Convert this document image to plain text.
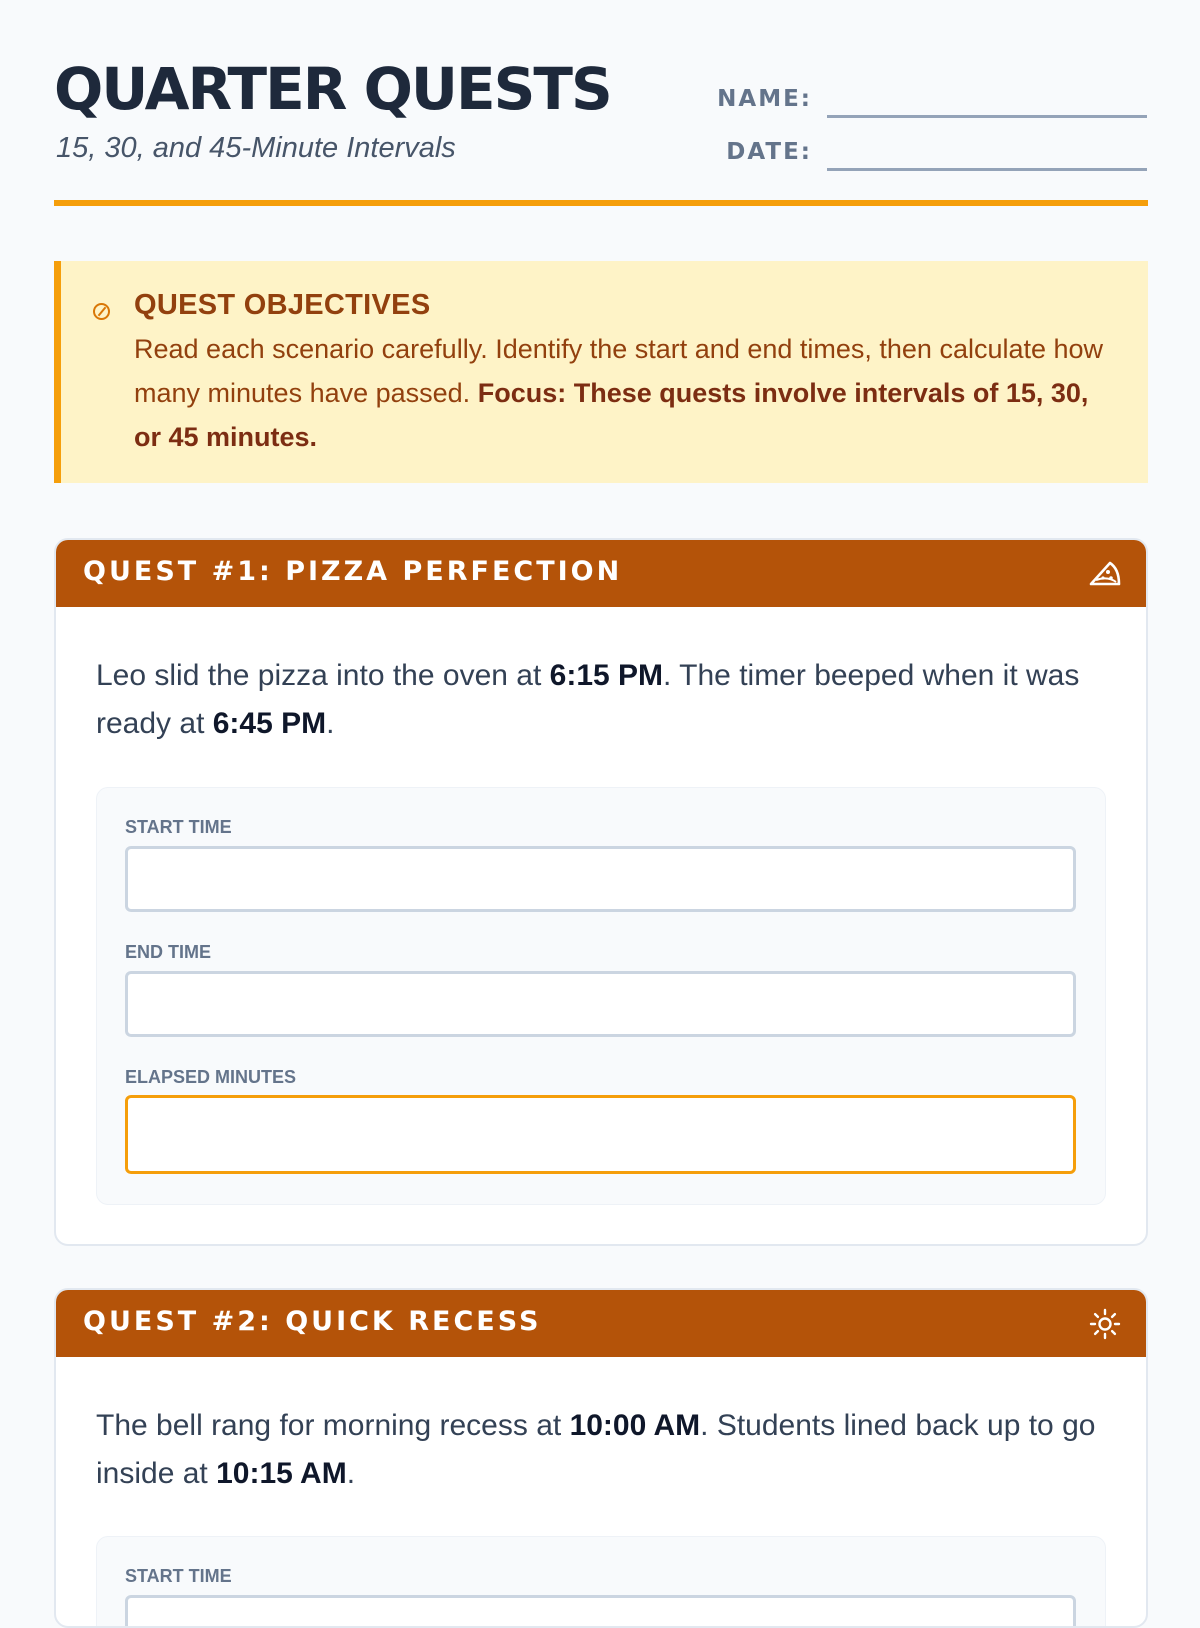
QUARTER QUESTS
15, 30, and 45-Minute Intervals
NAME:
DATE:
QUEST OBJECTIVES
Read each scenario carefully. Identify the start and end times, then calculate how many minutes have passed. Focus: These quests involve intervals of 15, 30, or 45 minutes.
QUEST #1: PIZZA PERFECTION
Leo slid the pizza into the oven at 6:15 PM. The timer beeped when it was ready at 6:45 PM.
START TIME
END TIME
ELAPSED MINUTES
QUEST #2: QUICK RECESS
The bell rang for morning recess at 10:00 AM. Students lined back up to go inside at 10:15 AM.
START TIME
